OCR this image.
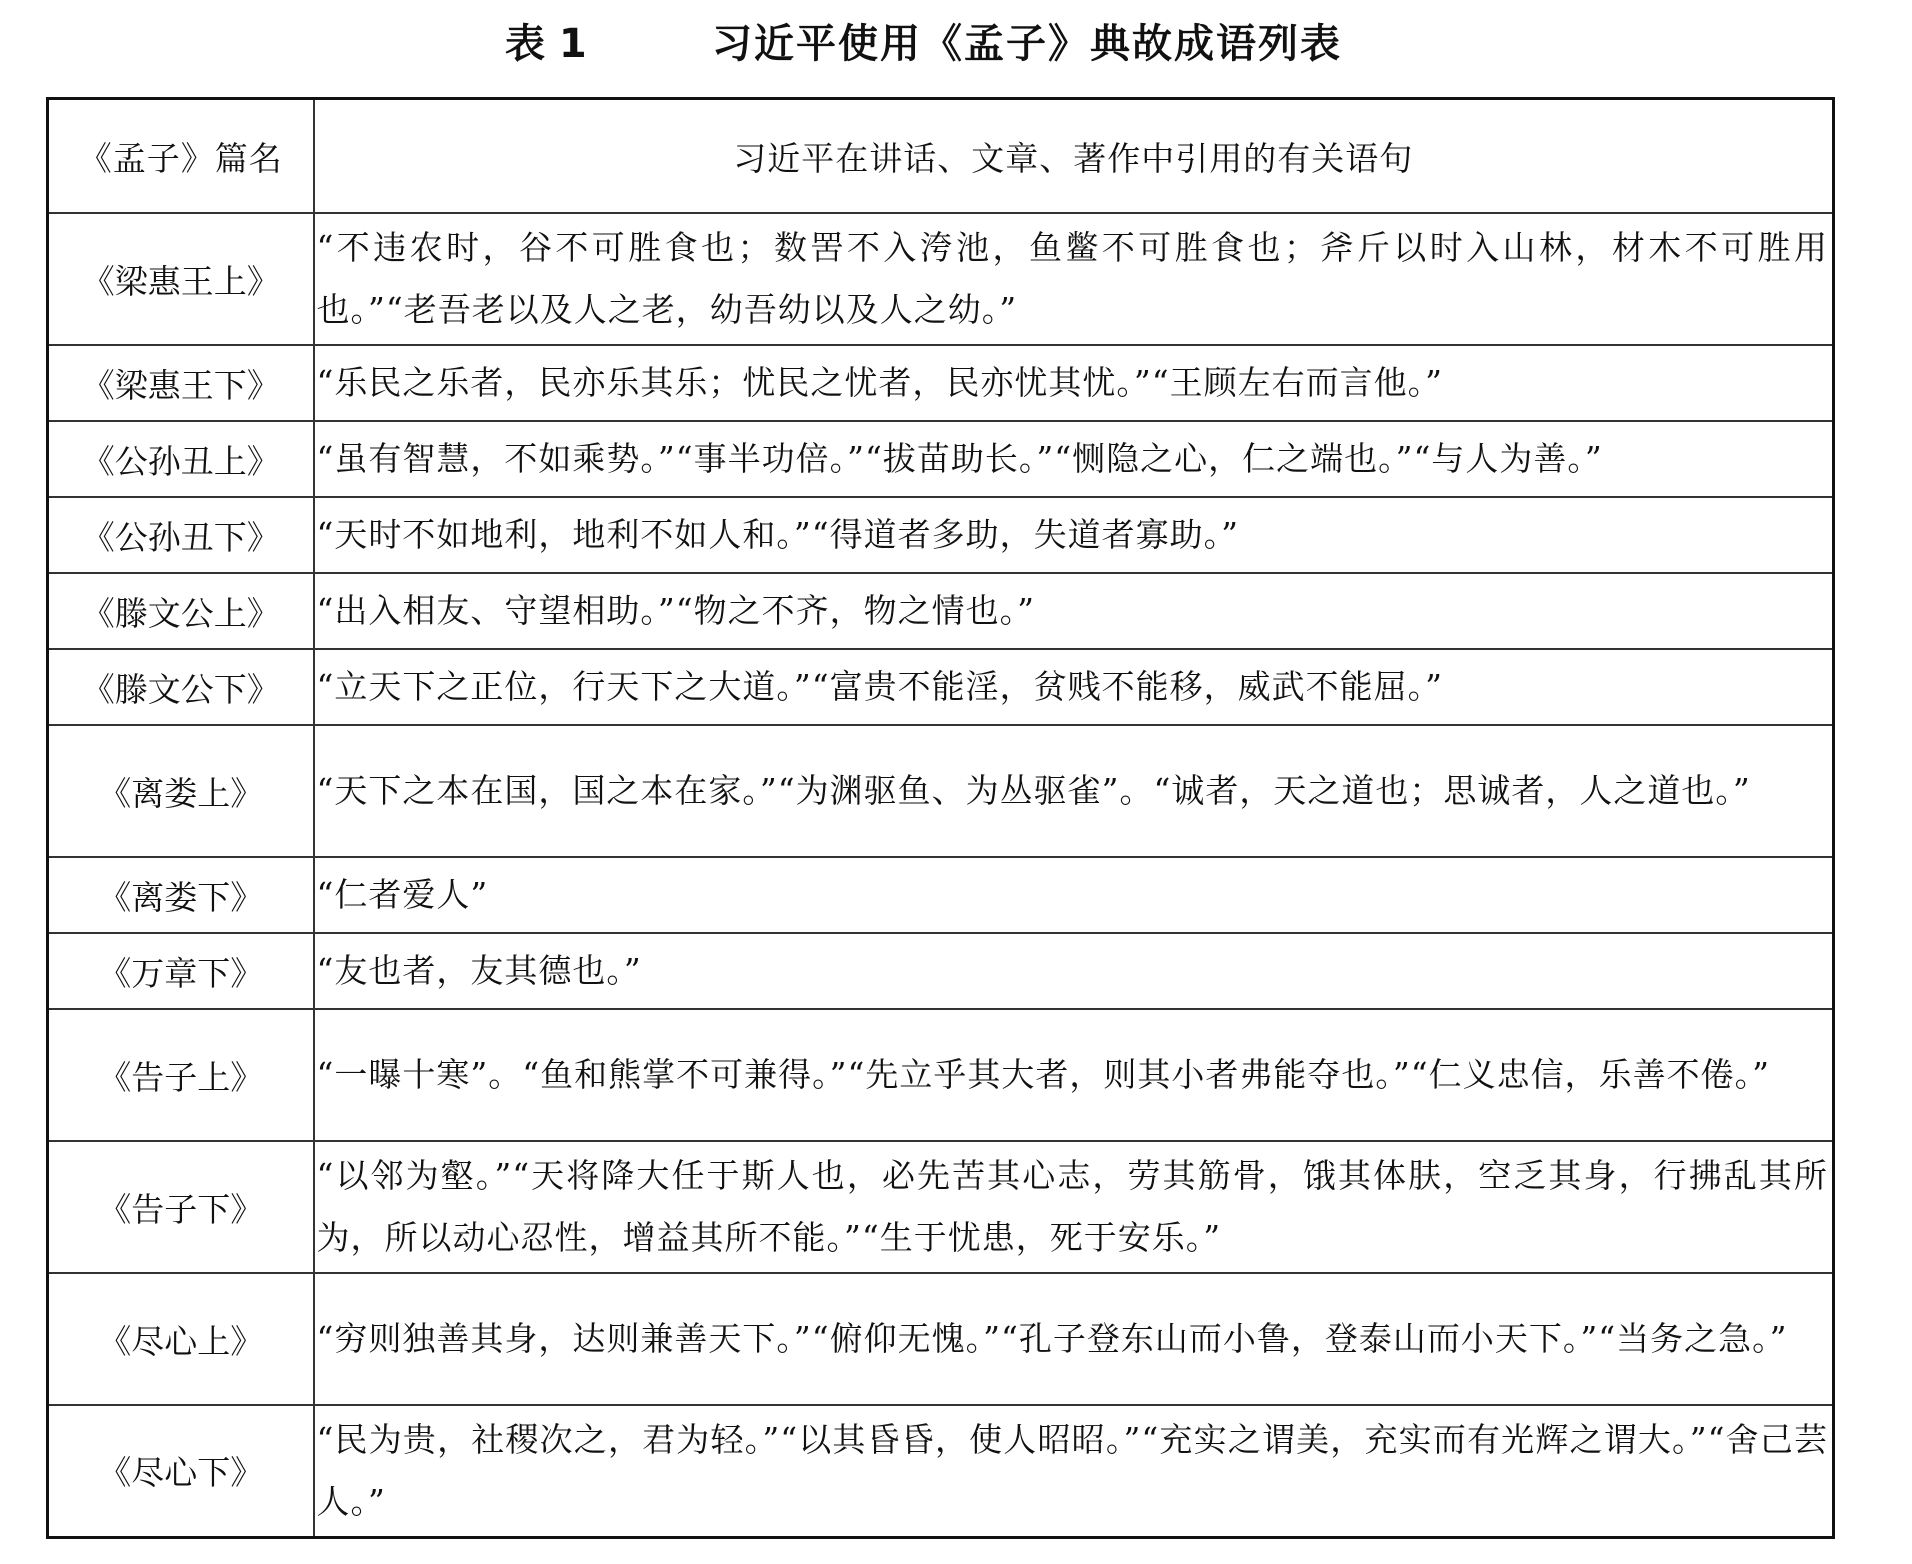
表 1	习近平使用《孟子》典故成语列表
《孟子》篇名	习近平在讲话、文章、著作中引用的有关语句
《梁惠王上》	“不违农时，谷不可胜食也；数罟不入洿池，鱼鳖不可胜食也；斧斤以时入山林，材木不可胜用也。”“老吾老以及人之老，幼吾幼以及人之幼。”
《梁惠王下》	“乐民之乐者，民亦乐其乐；忧民之忧者，民亦忧其忧。”“王顾左右而言他。”
《公孙丑上》	“虽有智慧，不如乘势。”“事半功倍。”“拔苗助长。”“恻隐之心，仁之端也。”“与人为善。”
《公孙丑下》	“天时不如地利，地利不如人和。”“得道者多助，失道者寡助。”
《滕文公上》	“出入相友、守望相助。”“物之不齐，物之情也。”
《滕文公下》	“立天下之正位，行天下之大道。”“富贵不能淫，贫贱不能移，威武不能屈。”
《离娄上》	“天下之本在国，国之本在家。”“为渊驱鱼、为丛驱雀”。“诚者，天之道也；思诚者，人之道也。”
《离娄下》	“仁者爱人”
《万章下》	“友也者，友其德也。”
《告子上》	“一曝十寒”。“鱼和熊掌不可兼得。”“先立乎其大者，则其小者弗能夺也。”“仁义忠信，乐善不倦。”
《告子下》	“以邻为壑。”“天将降大任于斯人也，必先苦其心志，劳其筋骨，饿其体肤，空乏其身，行拂乱其所为，所以动心忍性，增益其所不能。”“生于忧患，死于安乐。”
《尽心上》	“穷则独善其身，达则兼善天下。”“俯仰无愧。”“孔子登东山而小鲁，登泰山而小天下。”“当务之急。”
《尽心下》	“民为贵，社稷次之，君为轻。”“以其昏昏，使人昭昭。”“充实之谓美，充实而有光辉之谓大。”“舍己芸人。”
